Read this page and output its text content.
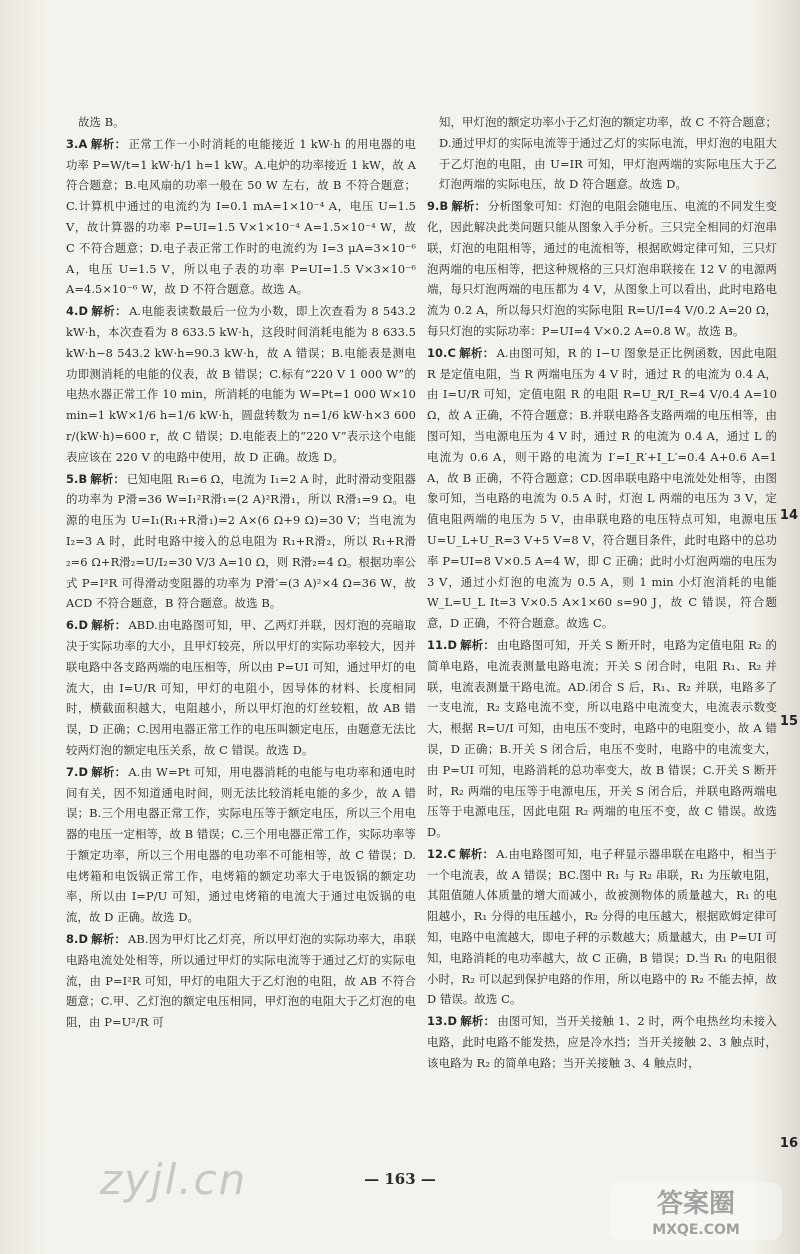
故选 B。

3.A 解析： 正常工作一小时消耗的电能接近 1 kW·h 的用电器的电功率 P=W/t=1 kW·h/1 h=1 kW。A.电炉的功率接近 1 kW，故 A 符合题意；B.电风扇的功率一般在 50 W 左右，故 B 不符合题意；C.计算机中通过的电流约为 I=0.1 mA=1×10⁻⁴ A，电压 U=1.5 V，故计算器的功率 P=UI=1.5 V×1×10⁻⁴ A=1.5×10⁻⁴ W，故 C 不符合题意；D.电子表正常工作时的电流约为 I=3 μA=3×10⁻⁶ A，电压 U=1.5 V，所以电子表的功率 P=UI=1.5 V×3×10⁻⁶ A=4.5×10⁻⁶ W，故 D 不符合题意。故选 A。

4.D 解析： A.电能表读数最后一位为小数，即上次查看为 8 543.2 kW·h，本次查看为 8 633.5 kW·h，这段时间消耗电能为 8 633.5 kW·h−8 543.2 kW·h=90.3 kW·h，故 A 错误；B.电能表是测电功即测消耗的电能的仪表，故 B 错误；C.标有“220 V 1 000 W”的电热水器正常工作 10 min，所消耗的电能为 W=Pt=1 000 W×10 min=1 kW×1/6 h=1/6 kW·h，圆盘转数为 n=1/6 kW·h×3 600 r/(kW·h)=600 r，故 C 错误；D.电能表上的“220 V”表示这个电能表应该在 220 V 的电路中使用，故 D 正确。故选 D。

5.B 解析： 已知电阻 R₁=6 Ω，电流为 I₁=2 A 时，此时滑动变阻器的功率为 P滑=36 W=I₁²R滑₁=(2 A)²R滑₁，所以 R滑₁=9 Ω。电源的电压为 U=I₁(R₁+R滑₁)=2 A×(6 Ω+9 Ω)=30 V；当电流为 I₂=3 A 时，此时电路中接入的总电阻为 R₁+R滑₂，所以 R₁+R滑₂=6 Ω+R滑₂=U/I₂=30 V/3 A=10 Ω，则 R滑₂=4 Ω。根据功率公式 P=I²R 可得滑动变阻器的功率为 P滑′=(3 A)²×4 Ω=36 W，故 ACD 不符合题意，B 符合题意。故选 B。

6.D 解析： ABD.由电路图可知，甲、乙两灯并联，因灯泡的亮暗取决于实际功率的大小，且甲灯较亮，所以甲灯的实际功率较大，因并联电路中各支路两端的电压相等，所以由 P=UI 可知，通过甲灯的电流大，由 I=U/R 可知，甲灯的电阻小，因导体的材料、长度相同时，横截面积越大，电阻越小，所以甲灯泡的灯丝较粗，故 AB 错误，D 正确；C.因用电器正常工作的电压叫额定电压，由题意无法比较两灯泡的额定电压关系，故 C 错误。故选 D。

7.D 解析： A.由 W=Pt 可知，用电器消耗的电能与电功率和通电时间有关，因不知道通电时间，则无法比较消耗电能的多少，故 A 错误；B.三个用电器正常工作，实际电压等于额定电压，所以三个用电器的电压一定相等，故 B 错误；C.三个用电器正常工作，实际功率等于额定功率，所以三个用电器的电功率不可能相等，故 C 错误；D.电烤箱和电饭锅正常工作，电烤箱的额定功率大于电饭锅的额定功率，所以由 I=P/U 可知，通过电烤箱的电流大于通过电饭锅的电流，故 D 正确。故选 D。

8.D 解析： AB.因为甲灯比乙灯亮，所以甲灯泡的实际功率大，串联电路电流处处相等，所以通过甲灯的实际电流等于通过乙灯的实际电流，由 P=I²R 可知，甲灯的电阻大于乙灯泡的电阻，故 AB 不符合题意；C.甲、乙灯泡的额定电压相同，甲灯泡的电阻大于乙灯泡的电阻，由 P=U²/R 可

知，甲灯泡的额定功率小于乙灯泡的额定功率，故 C 不符合题意；D.通过甲灯的实际电流等于通过乙灯的实际电流，甲灯泡的电阻大于乙灯泡的电阻，由 U=IR 可知，甲灯泡两端的实际电压大于乙灯泡两端的实际电压，故 D 符合题意。故选 D。

9.B 解析： 分析图象可知：灯泡的电阻会随电压、电流的不同发生变化，因此解决此类问题只能从图象入手分析。三只完全相同的灯泡串联，灯泡的电阻相等，通过的电流相等，根据欧姆定律可知，三只灯泡两端的电压相等，把这种规格的三只灯泡串联接在 12 V 的电源两端，每只灯泡两端的电压都为 4 V，从图象上可以看出，此时电路电流为 0.2 A，所以每只灯泡的实际电阻 R=U/I=4 V/0.2 A=20 Ω，每只灯泡的实际功率：P=UI=4 V×0.2 A=0.8 W。故选 B。

10.C 解析： A.由图可知，R 的 I−U 图象是正比例函数，因此电阻 R 是定值电阻，当 R 两端电压为 4 V 时，通过 R 的电流为 0.4 A，由 I=U/R 可知，定值电阻 R 的电阻 R=U_R/I_R=4 V/0.4 A=10 Ω，故 A 正确，不符合题意；B.并联电路各支路两端的电压相等，由图可知，当电源电压为 4 V 时，通过 R 的电流为 0.4 A，通过 L 的电流为 0.6 A，则干路的电流为 I′=I_R′+I_L′=0.4 A+0.6 A=1 A，故 B 正确，不符合题意；CD.因串联电路中电流处处相等，由图象可知，当电路的电流为 0.5 A 时，灯泡 L 两端的电压为 3 V，定值电阻两端的电压为 5 V，由串联电路的电压特点可知，电源电压 U=U_L+U_R=3 V+5 V=8 V，符合题目条件，此时电路中的总功率 P=UI=8 V×0.5 A=4 W，即 C 正确；此时小灯泡两端的电压为 3 V，通过小灯泡的电流为 0.5 A，则 1 min 小灯泡消耗的电能 W_L=U_L It=3 V×0.5 A×1×60 s=90 J，故 C 错误，符合题意，D 正确，不符合题意。故选 C。

11.D 解析： 由电路图可知，开关 S 断开时，电路为定值电阻 R₂ 的简单电路，电流表测量电路电流；开关 S 闭合时，电阻 R₁、R₂ 并联，电流表测量干路电流。AD.闭合 S 后，R₁、R₂ 并联，电路多了一支电流，R₂ 支路电流不变，所以电路中电流变大，电流表示数变大，根据 R=U/I 可知，由电压不变时，电路中的电阻变小，故 A 错误，D 正确；B.开关 S 闭合后，电压不变时，电路中的电流变大，由 P=UI 可知，电路消耗的总功率变大，故 B 错误；C.开关 S 断开时，R₂ 两端的电压等于电源电压，开关 S 闭合后，并联电路两端电压等于电源电压，因此电阻 R₂ 两端的电压不变，故 C 错误。故选 D。

12.C 解析： A.由电路图可知，电子秤显示器串联在电路中，相当于一个电流表，故 A 错误；BC.图中 R₁ 与 R₂ 串联，R₁ 为压敏电阻，其阻值随人体质量的增大而减小，故被测物体的质量越大，R₁ 的电阻越小，R₁ 分得的电压越小，R₂ 分得的电压越大，根据欧姆定律可知，电路中电流越大，即电子秤的示数越大；质量越大，由 P=UI 可知，电路消耗的电功率越大，故 C 正确，B 错误；D.当 R₁ 的电阻很小时，R₂ 可以起到保护电路的作用，所以电路中的 R₂ 不能去掉，故 D 错误。故选 C。

13.D 解析： 由图可知，当开关接触 1、2 时，两个电热丝均未接入电路，此时电路不能发热，应是冷水挡；当开关接触 2、3 触点时，该电路为 R₂ 的简单电路；当开关接触 3、4 触点时，

14
15
16
zyjl.cn	— 163 —
答案圈
MXQE.COM
